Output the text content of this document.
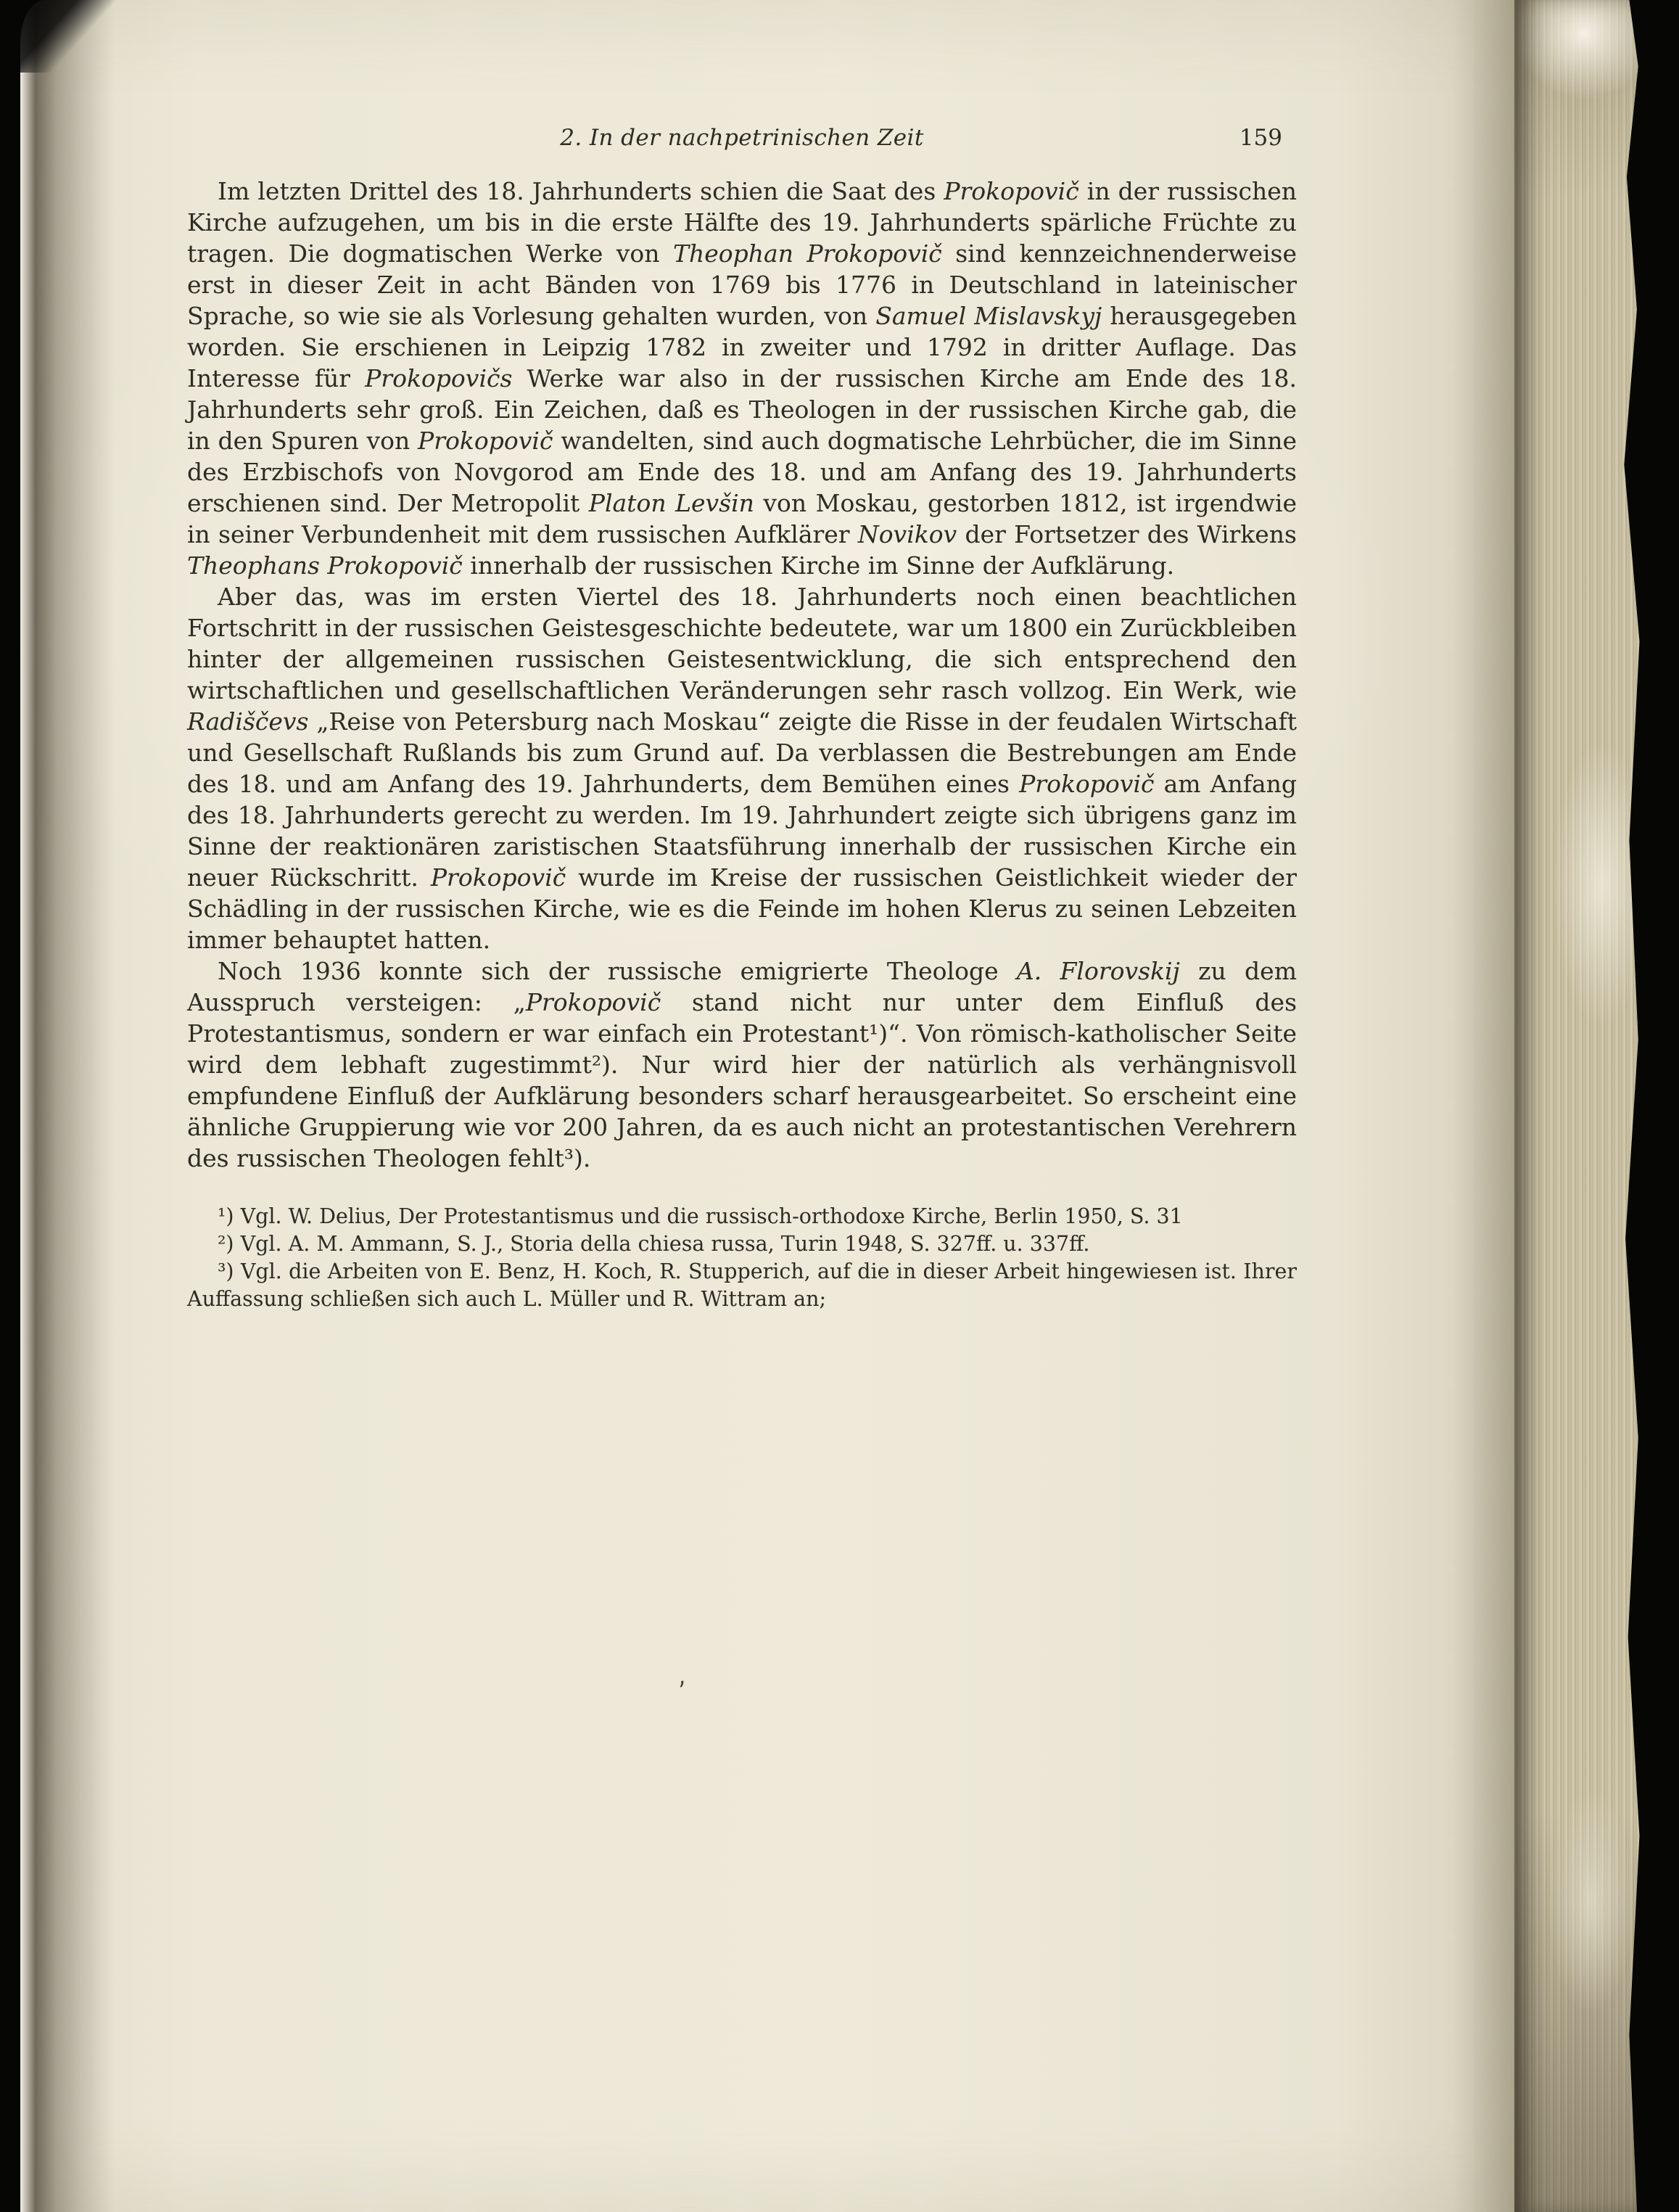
2. In der nachpetrinischen Zeit	159

Im letzten Drittel des 18. Jahrhunderts schien die Saat des Prokopovič in der russischen Kirche aufzugehen, um bis in die erste Hälfte des 19. Jahrhunderts spärliche Früchte zu tragen. Die dogmatischen Werke von Theophan Prokopovič sind kennzeichnenderweise erst in dieser Zeit in acht Bänden von 1769 bis 1776 in Deutschland in lateinischer Sprache, so wie sie als Vorlesung gehalten wurden, von Samuel Mislavskyj herausgegeben worden. Sie erschienen in Leipzig 1782 in zweiter und 1792 in dritter Auflage. Das Interesse für Prokopovičs Werke war also in der russischen Kirche am Ende des 18. Jahrhunderts sehr groß. Ein Zeichen, daß es Theologen in der russischen Kirche gab, die in den Spuren von Prokopovič wandelten, sind auch dogmatische Lehrbücher, die im Sinne des Erzbischofs von Novgorod am Ende des 18. und am Anfang des 19. Jahrhunderts erschienen sind. Der Metropolit Platon Levšin von Moskau, gestorben 1812, ist irgendwie in seiner Verbundenheit mit dem russischen Aufklärer Novikov der Fortsetzer des Wirkens Theophans Prokopovič innerhalb der russischen Kirche im Sinne der Aufklärung.

Aber das, was im ersten Viertel des 18. Jahrhunderts noch einen beachtlichen Fortschritt in der russischen Geistesgeschichte bedeutete, war um 1800 ein Zurückbleiben hinter der allgemeinen russischen Geistesentwicklung, die sich entsprechend den wirtschaftlichen und gesellschaftlichen Veränderungen sehr rasch vollzog. Ein Werk, wie Radiščevs „Reise von Petersburg nach Moskau“ zeigte die Risse in der feudalen Wirtschaft und Gesellschaft Rußlands bis zum Grund auf. Da verblassen die Bestrebungen am Ende des 18. und am Anfang des 19. Jahrhunderts, dem Bemühen eines Prokopovič am Anfang des 18. Jahrhunderts gerecht zu werden. Im 19. Jahrhundert zeigte sich übrigens ganz im Sinne der reaktionären zaristischen Staatsführung innerhalb der russischen Kirche ein neuer Rückschritt. Prokopovič wurde im Kreise der russischen Geistlichkeit wieder der Schädling in der russischen Kirche, wie es die Feinde im hohen Klerus zu seinen Lebzeiten immer behauptet hatten.

Noch 1936 konnte sich der russische emigrierte Theologe A. Florovskij zu dem Ausspruch versteigen: „Prokopovič stand nicht nur unter dem Einfluß des Protestantismus, sondern er war einfach ein Protestant¹)“. Von römisch-katholischer Seite wird dem lebhaft zugestimmt²). Nur wird hier der natürlich als verhängnisvoll empfundene Einfluß der Aufklärung besonders scharf herausgearbeitet. So erscheint eine ähnliche Gruppierung wie vor 200 Jahren, da es auch nicht an protestantischen Verehrern des russischen Theologen fehlt³).

¹) Vgl. W. Delius, Der Protestantismus und die russisch-orthodoxe Kirche, Berlin 1950, S. 31

²) Vgl. A. M. Ammann, S. J., Storia della chiesa russa, Turin 1948, S. 327ff. u. 337ff.

³) Vgl. die Arbeiten von E. Benz, H. Koch, R. Stupperich, auf die in dieser Arbeit hingewiesen ist. Ihrer Auffassung schließen sich auch L. Müller und R. Wittram an;

‚
